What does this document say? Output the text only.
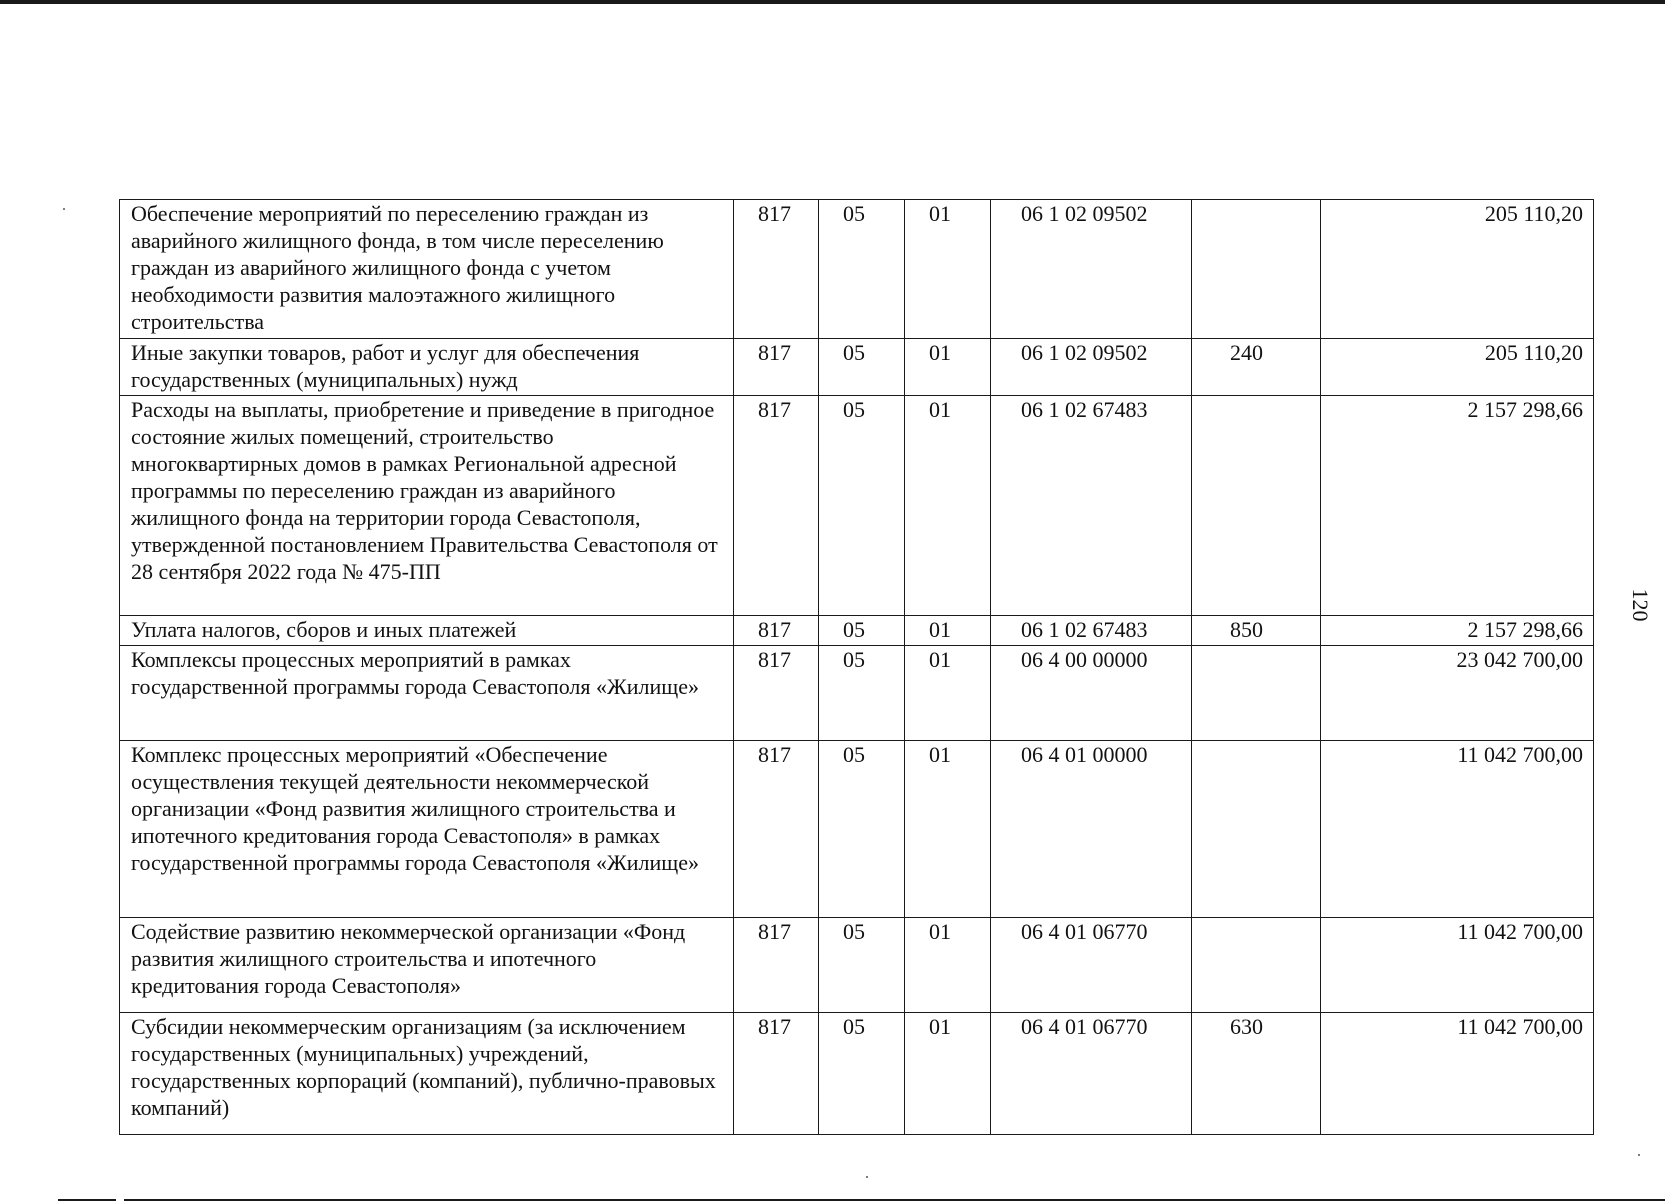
Обеспечение мероприятий по переселению граждан из аварийного жилищного фонда, в том числе переселению граждан из аварийного жилищного фонда с учетом необходимости развития малоэтажного жилищного строительства	817	05	01	06 1 02 09502		205 110,20
Иные закупки товаров, работ и услуг для обеспечения государственных (муниципальных) нужд	817	05	01	06 1 02 09502	240	205 110,20
Расходы на выплаты, приобретение и приведение в пригодное состояние жилых помещений, строительство многоквартирных домов в рамках Региональной адресной программы по переселению граждан из аварийного жилищного фонда на территории города Севастополя, утвержденной постановлением Правительства Севастополя от 28 сентября 2022 года № 475-ПП	817	05	01	06 1 02 67483		2 157 298,66
Уплата налогов, сборов и иных платежей	817	05	01	06 1 02 67483	850	2 157 298,66
Комплексы процессных мероприятий в рамках государственной программы города Севастополя «Жилище»	817	05	01	06 4 00 00000		23 042 700,00
Комплекс процессных мероприятий «Обеспечение осуществления текущей деятельности некоммерческой организации «Фонд развития жилищного строительства и ипотечного кредитования города Севастополя» в рамках государственной программы города Севастополя «Жилище»	817	05	01	06 4 01 00000		11 042 700,00
Содействие развитию некоммерческой организации «Фонд развития жилищного строительства и ипотечного кредитования города Севастополя»	817	05	01	06 4 01 06770		11 042 700,00
Субсидии некоммерческим организациям (за исключением государственных (муниципальных) учреждений, государственных корпораций (компаний), публично-правовых компаний)	817	05	01	06 4 01 06770	630	11 042 700,00
120
